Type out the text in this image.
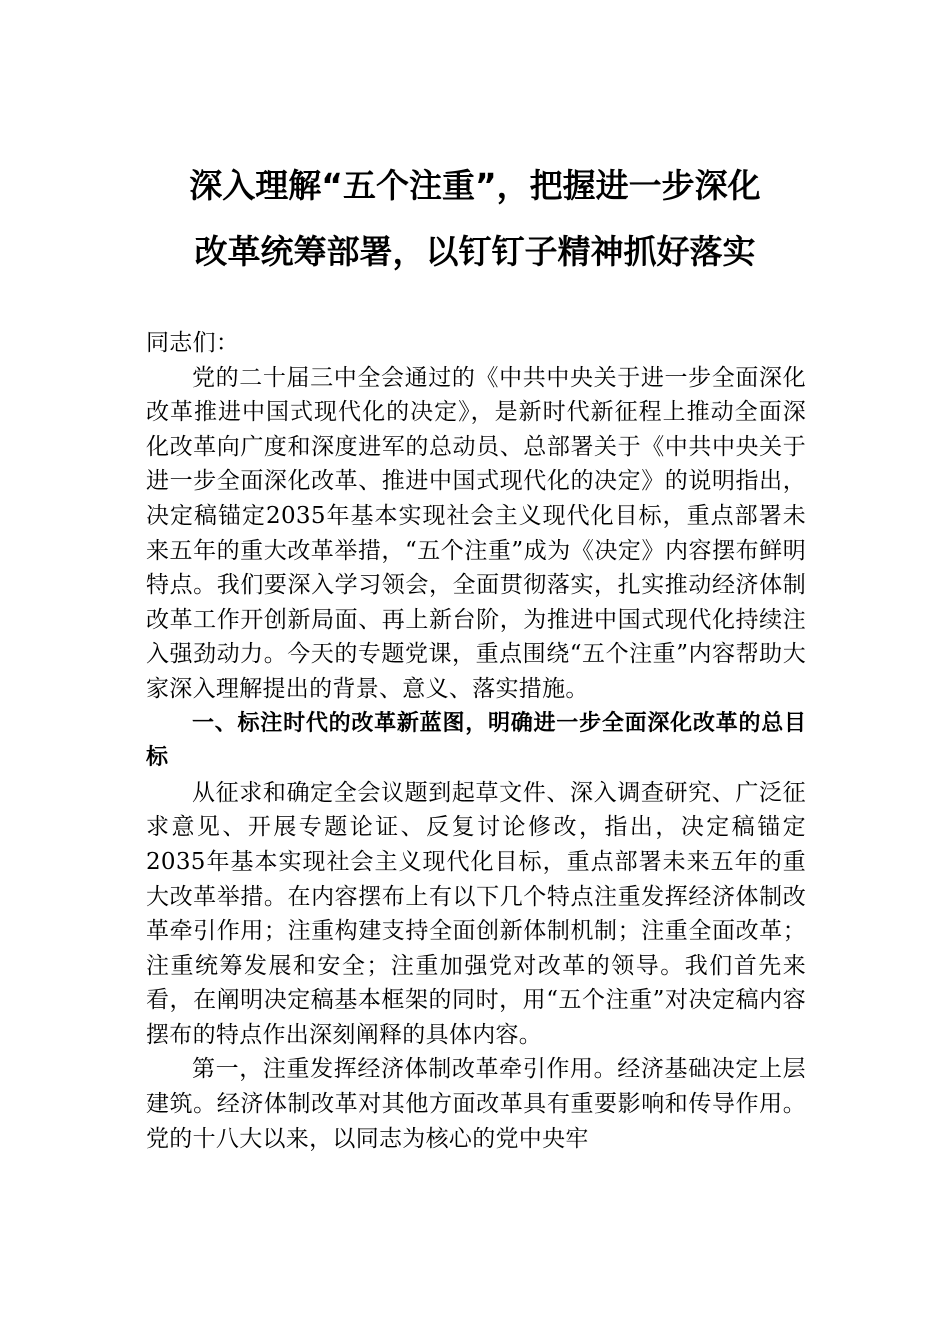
深入理解“五个注重”，把握进一步深化
改革统筹部署，以钉钉子精神抓好落实

同志们：

党的二十届三中全会通过的《中共中央关于进一步全面深化改革推进中国式现代化的决定》，是新时代新征程上推动全面深化改革向广度和深度进军的总动员、总部署关于《中共中央关于进一步全面深化改革、推进中国式现代化的决定》的说明指出，决定稿锚定2035年基本实现社会主义现代化目标，重点部署未来五年的重大改革举措，“五个注重”成为《决定》内容摆布鲜明特点。我们要深入学习领会，全面贯彻落实，扎实推动经济体制改革工作开创新局面、再上新台阶，为推进中国式现代化持续注入强劲动力。今天的专题党课，重点围绕“五个注重”内容帮助大家深入理解提出的背景、意义、落实措施。

一、标注时代的改革新蓝图，明确进一步全面深化改革的总目标

从征求和确定全会议题到起草文件、深入调查研究、广泛征求意见、开展专题论证、反复讨论修改，指出，决定稿锚定2035年基本实现社会主义现代化目标，重点部署未来五年的重大改革举措。在内容摆布上有以下几个特点注重发挥经济体制改革牵引作用；注重构建支持全面创新体制机制；注重全面改革；注重统筹发展和安全；注重加强党对改革的领导。我们首先来看，在阐明决定稿基本框架的同时，用“五个注重”对决定稿内容摆布的特点作出深刻阐释的具体内容。

第一，注重发挥经济体制改革牵引作用。经济基础决定上层建筑。经济体制改革对其他方面改革具有重要影响和传导作用。党的十八大以来，以同志为核心的党中央牢
